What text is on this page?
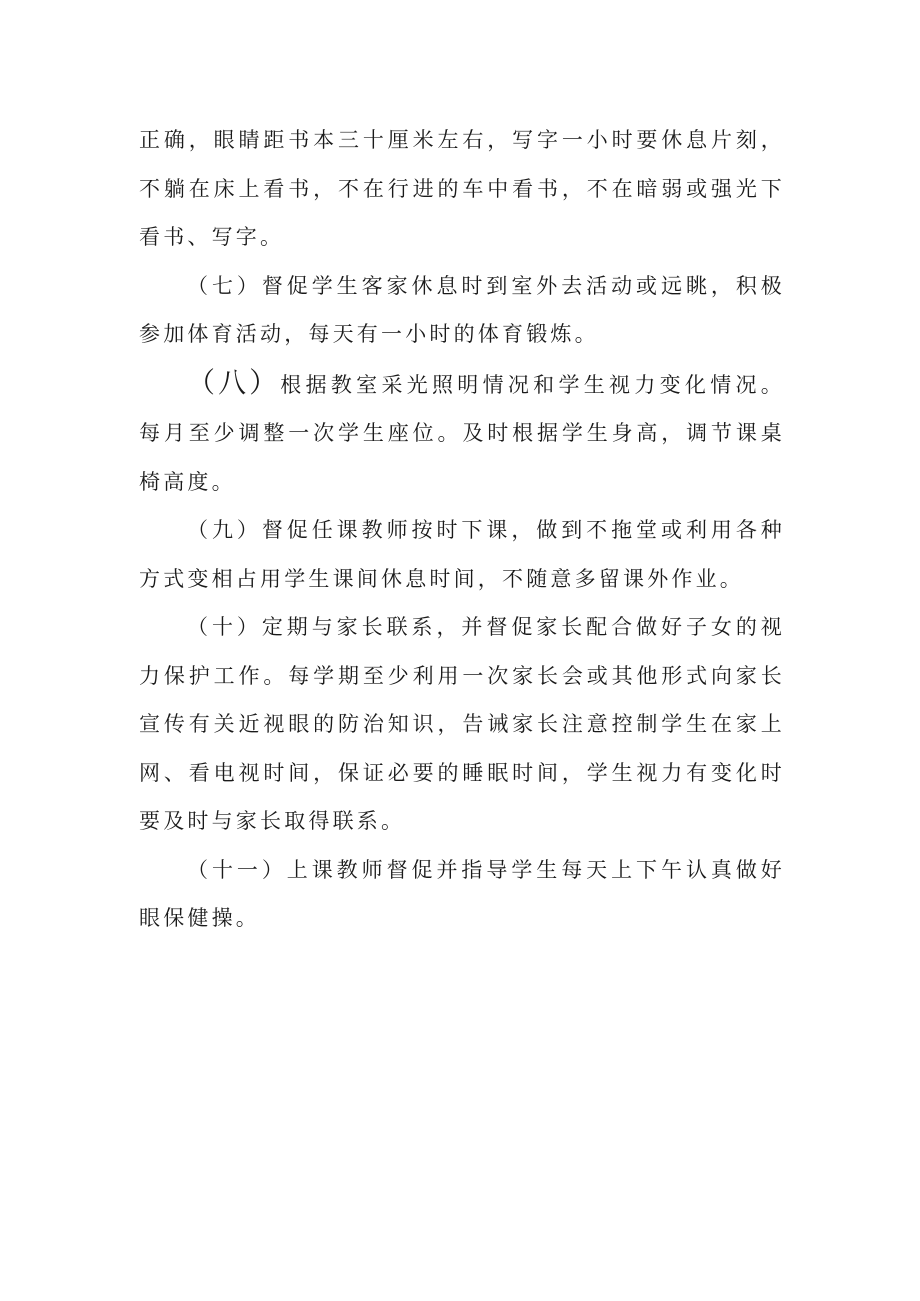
正确，眼睛距书本三十厘米左右，写字一小时要休息片刻，不躺在床上看书，不在行进的车中看书，不在暗弱或强光下看书、写字。

（七）督促学生客家休息时到室外去活动或远眺，积极参加体育活动，每天有一小时的体育锻炼。

（八）根据教室采光照明情况和学生视力变化情况。每月至少调整一次学生座位。及时根据学生身高，调节课桌椅高度。

（九）督促任课教师按时下课，做到不拖堂或利用各种方式变相占用学生课间休息时间，不随意多留课外作业。

（十）定期与家长联系，并督促家长配合做好子女的视力保护工作。每学期至少利用一次家长会或其他形式向家长宣传有关近视眼的防治知识，告诫家长注意控制学生在家上网、看电视时间，保证必要的睡眠时间，学生视力有变化时要及时与家长取得联系。

（十一）上课教师督促并指导学生每天上下午认真做好眼保健操。
